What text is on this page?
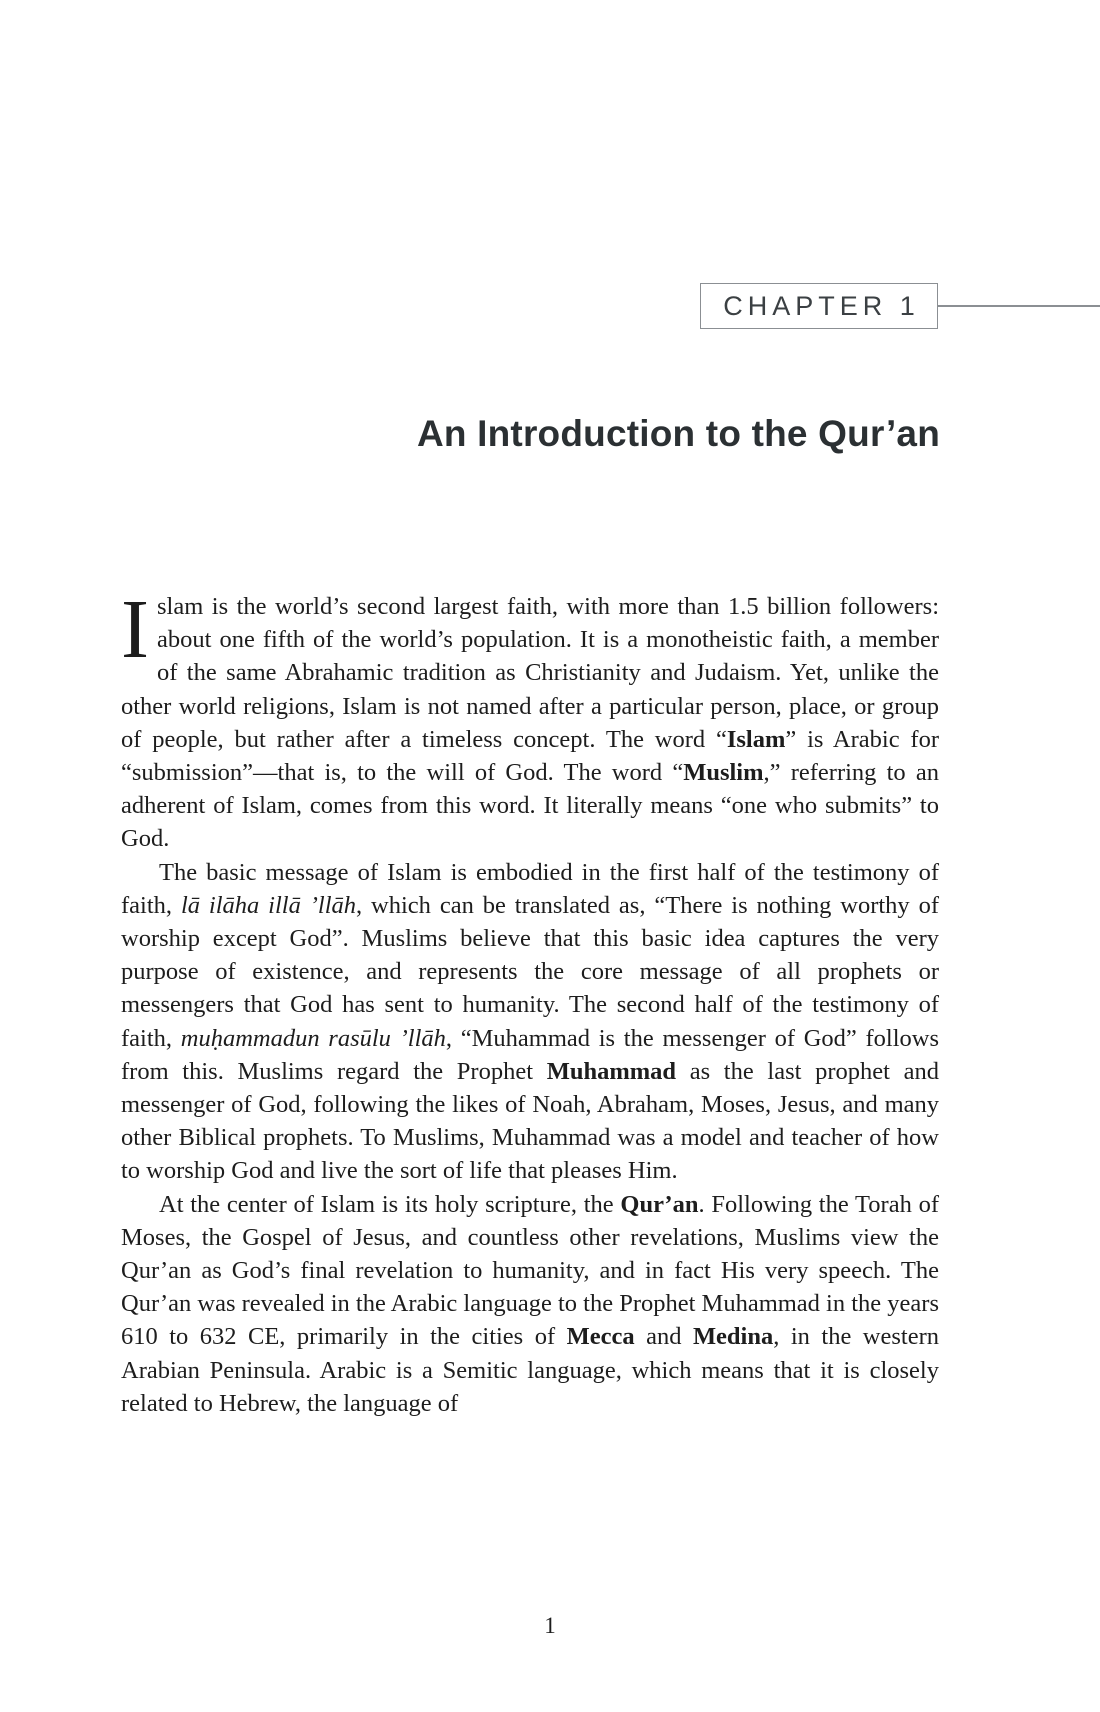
CHAPTER 1
An Introduction to the Qur’an

Islam is the world’s second largest faith, with more than 1.5 billion followers: about one fifth of the world’s population. It is a monotheistic faith, a member of the same Abrahamic tradition as Christianity and Judaism. Yet, unlike the other world religions, Islam is not named after a particular person, place, or group of people, but rather after a timeless concept. The word “Islam” is Arabic for “submission”—that is, to the will of God. The word “Muslim,” referring to an adherent of Islam, comes from this word. It literally means “one who submits” to God.

The basic message of Islam is embodied in the first half of the testimony of faith, lā ilāha illā ’llāh, which can be translated as, “There is nothing worthy of worship except God”. Muslims believe that this basic idea captures the very purpose of existence, and represents the core message of all prophets or messengers that God has sent to humanity. The second half of the testimony of faith, muḥammadun rasūlu ’llāh, “Muhammad is the messenger of God” follows from this. Muslims regard the Prophet Muhammad as the last prophet and messenger of God, following the likes of Noah, Abraham, Moses, Jesus, and many other Biblical prophets. To Muslims, Muhammad was a model and teacher of how to worship God and live the sort of life that pleases Him.

At the center of Islam is its holy scripture, the Qur’an. Following the Torah of Moses, the Gospel of Jesus, and countless other revelations, Muslims view the Qur’an as God’s final revelation to humanity, and in fact His very speech. The Qur’an was revealed in the Arabic language to the Prophet Muhammad in the years 610 to 632 CE, primarily in the cities of Mecca and Medina, in the western Arabian Peninsula. Arabic is a Semitic language, which means that it is closely related to Hebrew, the language of

1
